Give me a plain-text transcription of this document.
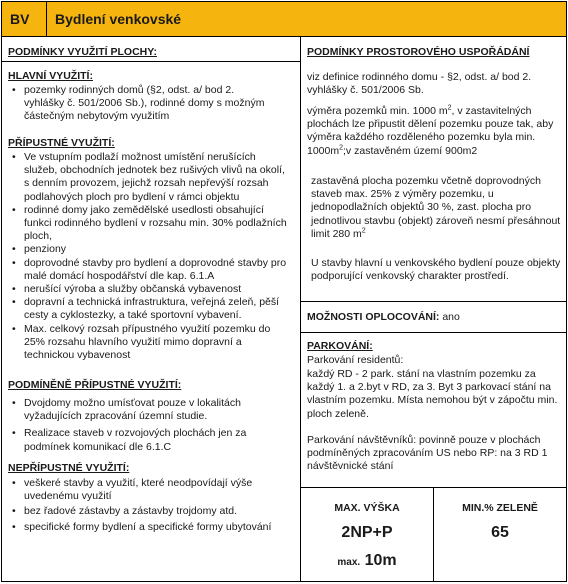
BV Bydlení venkovské
PODMÍNKY VYUŽITÍ PLOCHY:
HLAVNÍ VYUŽITÍ:
• pozemky rodinných domů (§2, odst. a/ bod 2. vyhlášky č. 501/2006 Sb.), rodinné domy s možným částečným nebytovým využitím
PŘÍPUSTNÉ VYUŽITÍ:
• Ve vstupním podlaží možnost umístění nerušících služeb, obchodních jednotek bez rušivých vlivů na okolí, s denním provozem, jejichž rozsah nepřevýší rozsah podlahových ploch pro bydlení v rámci objektu
• rodinné domy jako zemědělské usedlosti obsahující funkci rodinného bydlení v rozsahu min. 30% podlažních ploch,
• penziony
• doprovodné stavby pro bydlení a doprovodné stavby pro malé domácí hospodářství dle kap. 6.1.A
• nerušící výroba a služby občanská vybavenost
• dopravní a technická infrastruktura, veřejná zeleň, pěší cesty a cyklostezky, a také sportovní vybavení.
• Max. celkový rozsah přípustného využití pozemku do 25% rozsahu hlavního využití mimo dopravní a technickou vybavenost
PODMÍNĚNĚ PŘÍPUSTNÉ VYUŽITÍ:
• Dvojdomy možno umísťovat pouze v lokalitách vyžadujících zpracování územní studie.
• Realizace staveb v rozvojových plochách jen za podmínek komunikací dle 6.1.C
NEPŘÍPUSTNÉ VYUŽITÍ:
• veškeré stavby a využití, které neodpovídají výše uvedenému využití
• bez řadové zástavby a zástavby trojdomy atd.
• specifické formy bydlení a specifické formy ubytování
PODMÍNKY PROSTOROVÉHO USPOŘÁDÁNÍ
viz definice rodinného domu - §2, odst. a/ bod 2. vyhlášky č. 501/2006 Sb.
výměra pozemků min. 1000 $m^2$, v zastavitelných plochách lze připustit dělení pozemku pouze tak, aby výměra každého rozděleného pozemku byla min. $1000m^2;v$ zastavěném území 900m2
zastavěná plocha pozemku včetně doprovodných staveb max. 25% z výměry pozemku, u jednopodlažních objektů 30 %, zast. plocha pro jednotlivou stavbu (objekt) zároveň nesmí přesáhnout limit 280 $m^2$
U stavby hlavní u venkovského bydlení pouze objekty podporující venkovský charakter prostředí.
MOŽNOSTI OPLOCOVÁNÍ: ano
PARKOVÁNÍ:
Parkování residentů:
každý RD - 2 park. stání na vlastním pozemku za každý 1. a 2.byt v RD, za 3. Byt 3 parkovací stání na vlastním pozemku. Místa nemohou být v zápočtu min. ploch zeleně.
Parkování návštěvníků: povinně pouze v plochách podmíněných zpracováním US nebo RP: na 3 RD 1 návštěvnické stání
MAX. VÝŠKA
2NP+P
max. 10m
MIN.% ZELENĚ
65
